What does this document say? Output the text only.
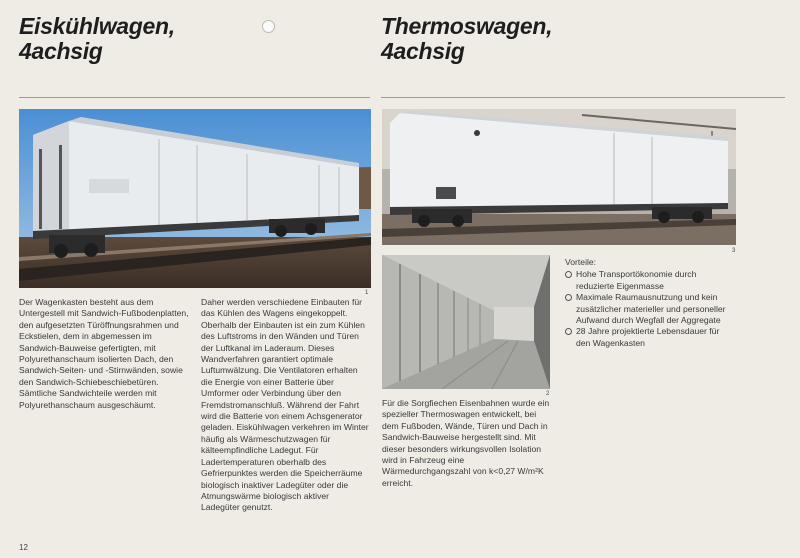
Eiskühlwagen,
4achsig
Thermoswagen,
4achsig
1
3
2
Der Wagenkasten besteht aus dem Untergestell mit Sandwich-Fußbodenplatten, den aufgesetzten Türöffnungsrahmen und Eckstielen, dem in abgemessen im Sandwich-Bauweise gefertigten, mit Polyurethanschaum isolierten Dach, den Sandwich-Seiten- und -Stirnwänden, sowie den Sandwich-Schiebeschiebetüren. Sämtliche Sandwichteile werden mit Polyurethanschaum ausgeschäumt.
Daher werden verschiedene Einbauten für das Kühlen des Wagens eingekoppelt. Oberhalb der Einbauten ist ein zum Kühlen des Luftstroms in den Wänden und Türen der Luftkanal im Laderaum. Dieses Wandverfahren garantiert optimale Luftumwälzung. Die Ventilatoren erhalten die Energie von einer Batterie über Umformer oder Verbindung über den Fremdstromanschluß. Während der Fahrt wird die Batterie von einem Achsgenerator geladen. Eiskühlwagen verkehren im Winter häufig als Wärmeschutzwagen für kälteempfindliche Ladegut. Für Ladertemperaturen oberhalb des Gefrierpunktes werden die Speicherräume biologisch inaktiver Ladegüter oder die Atmungswärme biologisch aktiver Ladegüter genutzt.
Für die Sorgfiechen Eisenbahnen wurde ein spezieller Thermoswagen entwickelt, bei dem Fußboden, Wände, Türen und Dach in Sandwich-Bauweise hergestellt sind. Mit dieser besonders wirkungsvollen Isolation wird in Fahrzeug eine Wärmedurchgangszahl von k<0,27 W/m²K erreicht.
Vorteile:
Hohe Transportökonomie durch reduzierte Eigenmasse
Maximale Raumausnutzung und kein zusätzlicher materieller und personeller Aufwand durch Wegfall der Aggregate
28 Jahre projektierte Lebensdauer für den Wagenkasten
12
